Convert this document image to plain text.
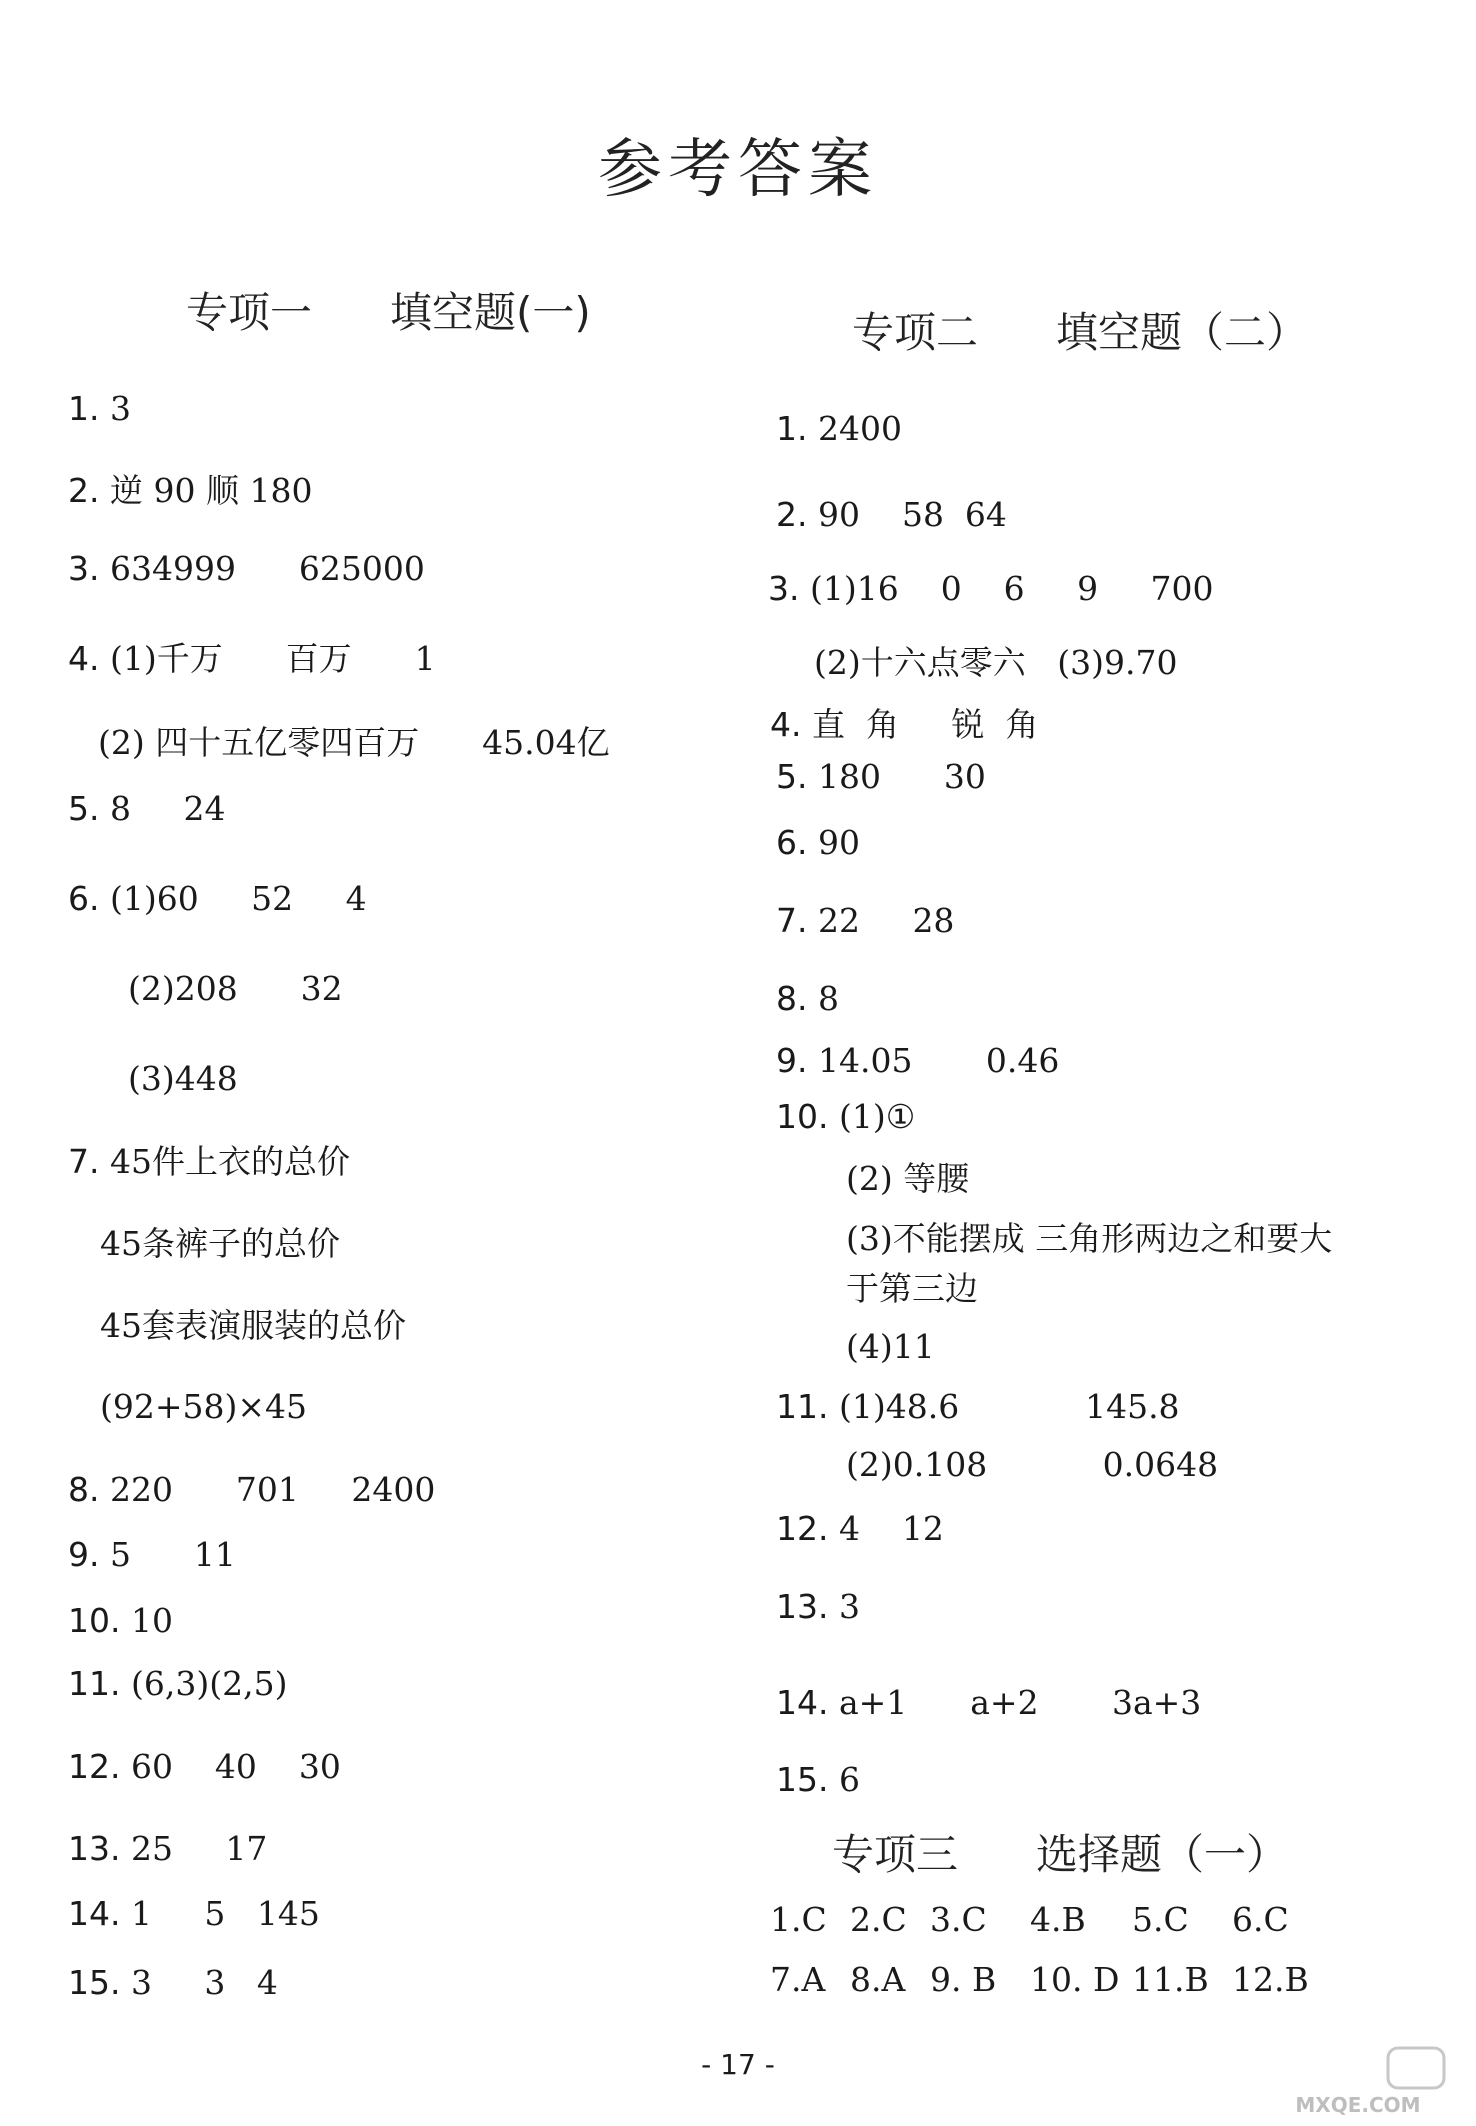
参考答案
专项一 填空题(一)	专项二 填空题（二）
1. 3
2. 逆 90 顺 180
3. 634999      625000
4. (1)千万      百万      1
(2) 四十五亿零四百万      45.04亿
5. 8     24
6. (1)60     52     4
(2)208      32
(3)448
7. 45件上衣的总价
45条裤子的总价
45套表演服装的总价
(92+58)×45
8. 220      701     2400
9. 5      11
10. 10
11. (6,3)(2,5)
12. 60    40    30
13. 25     17
14. 1     5   145
15. 3     3   4
1. 2400
2. 90    58  64
3. (1)16    0    6     9     700
(2)十六点零六   (3)9.70
4. 直  角     锐  角
5. 180      30
6. 90
7. 22     28
8. 8
9. 14.05       0.46
10. (1)①
(2) 等腰
(3)不能摆成 三角形两边之和要大
于第三边
(4)11
11. (1)48.6            145.8
(2)0.108           0.0648
12. 4    12
13. 3
14. a+1      a+2       3a+3
15. 6
专项三 选择题（一）
1.C 2.C 3.C 4.B 5.C 6.C
7.A 8.A 9. B 10. D 11.B 12.B
- 17 -
MXQE.COM
